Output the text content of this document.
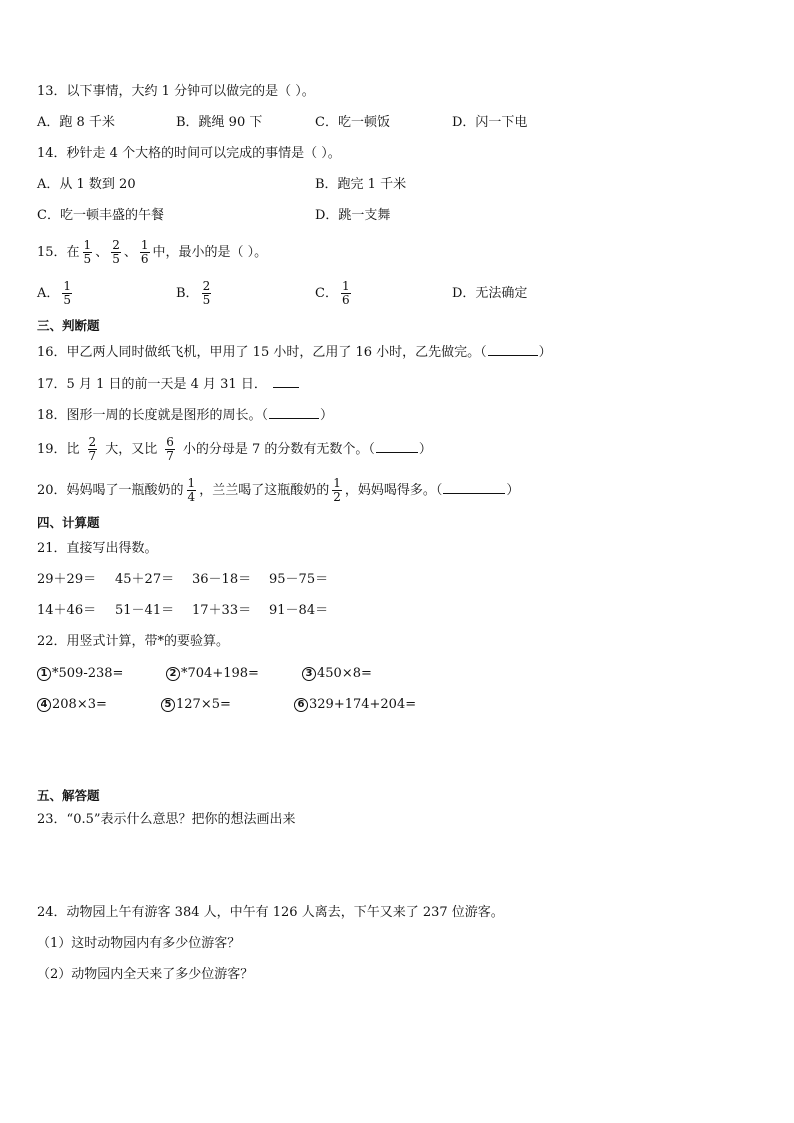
13．以下事情，大约 1 分钟可以做完的是（ ）。
A．跑 8 千米	B．跳绳 90 下	C．吃一顿饭	D．闪一下电
14．秒针走 4 个大格的时间可以完成的事情是（ ）。
A．从 1 数到 20	B．跑完 1 千米
C．吃一顿丰盛的午餐	D．跳一支舞
15．在 $\frac{1}{5}$ 、 $\frac{2}{5}$ 、 $\frac{1}{6}$ 中，最小的是（ ）。
A． $\frac{1}{5}$	B． $\frac{2}{5}$	C． $\frac{1}{6}$	D．无法确定
三、判断题
16．甲乙两人同时做纸飞机，甲用了 15 小时，乙用了 16 小时，乙先做完。（	）
17．5 月 1 日的前一天是 4 月 31 日．
18．图形一周的长度就是图形的周长。（	）
19．比 $\frac{2}{7}$ 大，又比 $\frac{6}{7}$ 小的分母是 7 的分数有无数个。（	）
20．妈妈喝了一瓶酸奶的 $\frac{1}{4}$ ，兰兰喝了这瓶酸奶的 $\frac{1}{2}$ ，妈妈喝得多。（	）
四、计算题
21．直接写出得数。
29＋29＝ 45＋27＝ 36－18＝ 95－75＝
14＋46＝ 51－41＝ 17＋33＝ 91－84＝
22．用竖式计算，带*的要验算。
1 *509-238=	2 *704+198=	3 450×8=
4 208×3=	5 127×5=	6 329+174+204=
五、解答题
23．“0.5”表示什么意思？把你的想法画出来
24．动物园上午有游客 384 人，中午有 126 人离去，下午又来了 237 位游客。
（1）这时动物园内有多少位游客？
（2）动物园内全天来了多少位游客？
